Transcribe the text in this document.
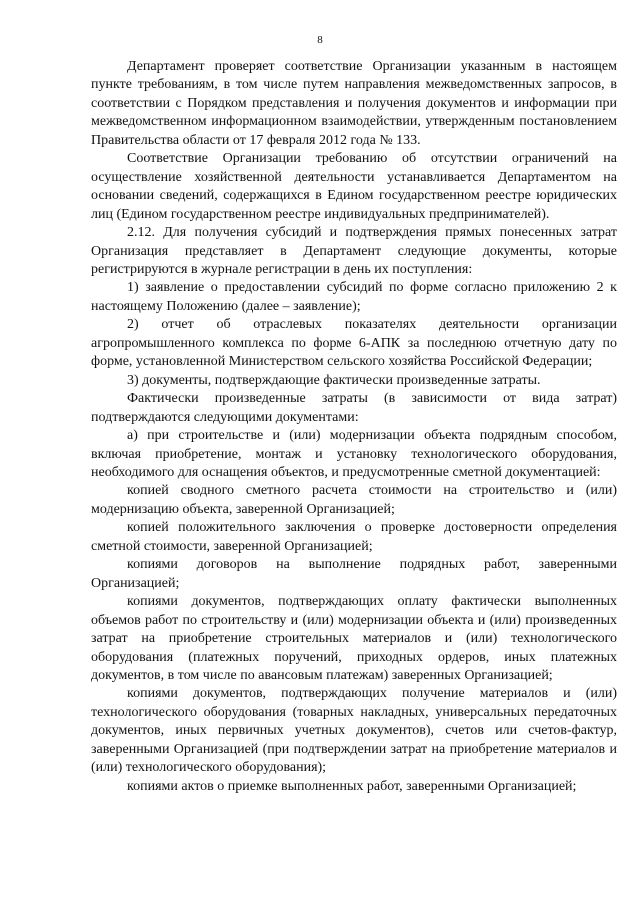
8

Департамент проверяет соответствие Организации указанным в настоящем пункте требованиям, в том числе путем направления межведомственных запросов, в соответствии с Порядком представления и получения документов и информации при межведомственном информационном взаимодействии, утвержденным постановлением Правительства области от 17 февраля 2012 года № 133.

Соответствие Организации требованию об отсутствии ограничений на осуществление хозяйственной деятельности устанавливается Департаментом на основании сведений, содержащихся в Едином государственном реестре юридических лиц (Едином государственном реестре индивидуальных предпринимателей).

2.12. Для получения субсидий и подтверждения прямых понесенных затрат Организация представляет в Департамент следующие документы, которые регистрируются в журнале регистрации в день их поступления:

1) заявление о предоставлении субсидий по форме согласно приложению 2 к настоящему Положению (далее – заявление);

2) отчет об отраслевых показателях деятельности организации агропромышленного комплекса по форме 6-АПК за последнюю отчетную дату по форме, установленной Министерством сельского хозяйства Российской Федерации;

3) документы, подтверждающие фактически произведенные затраты.

Фактически произведенные затраты (в зависимости от вида затрат) подтверждаются следующими документами:

а) при строительстве и (или) модернизации объекта подрядным способом, включая приобретение, монтаж и установку технологического оборудования, необходимого для оснащения объектов, и предусмотренные сметной документацией:

копией сводного сметного расчета стоимости на строительство и (или) модернизацию объекта, заверенной Организацией;

копией положительного заключения о проверке достоверности определения сметной стоимости, заверенной Организацией;

копиями договоров на выполнение подрядных работ, заверенными Организацией;

копиями документов, подтверждающих оплату фактически выполненных объемов работ по строительству и (или) модернизации объекта и (или) произведенных затрат на приобретение строительных материалов и (или) технологического оборудования (платежных поручений, приходных ордеров, иных платежных документов, в том числе по авансовым платежам) заверенных Организацией;

копиями документов, подтверждающих получение материалов и (или) технологического оборудования (товарных накладных, универсальных передаточных документов, иных первичных учетных документов), счетов или счетов-фактур, заверенными Организацией (при подтверждении затрат на приобретение материалов и (или) технологического оборудования);

копиями актов о приемке выполненных работ, заверенными Организацией;
